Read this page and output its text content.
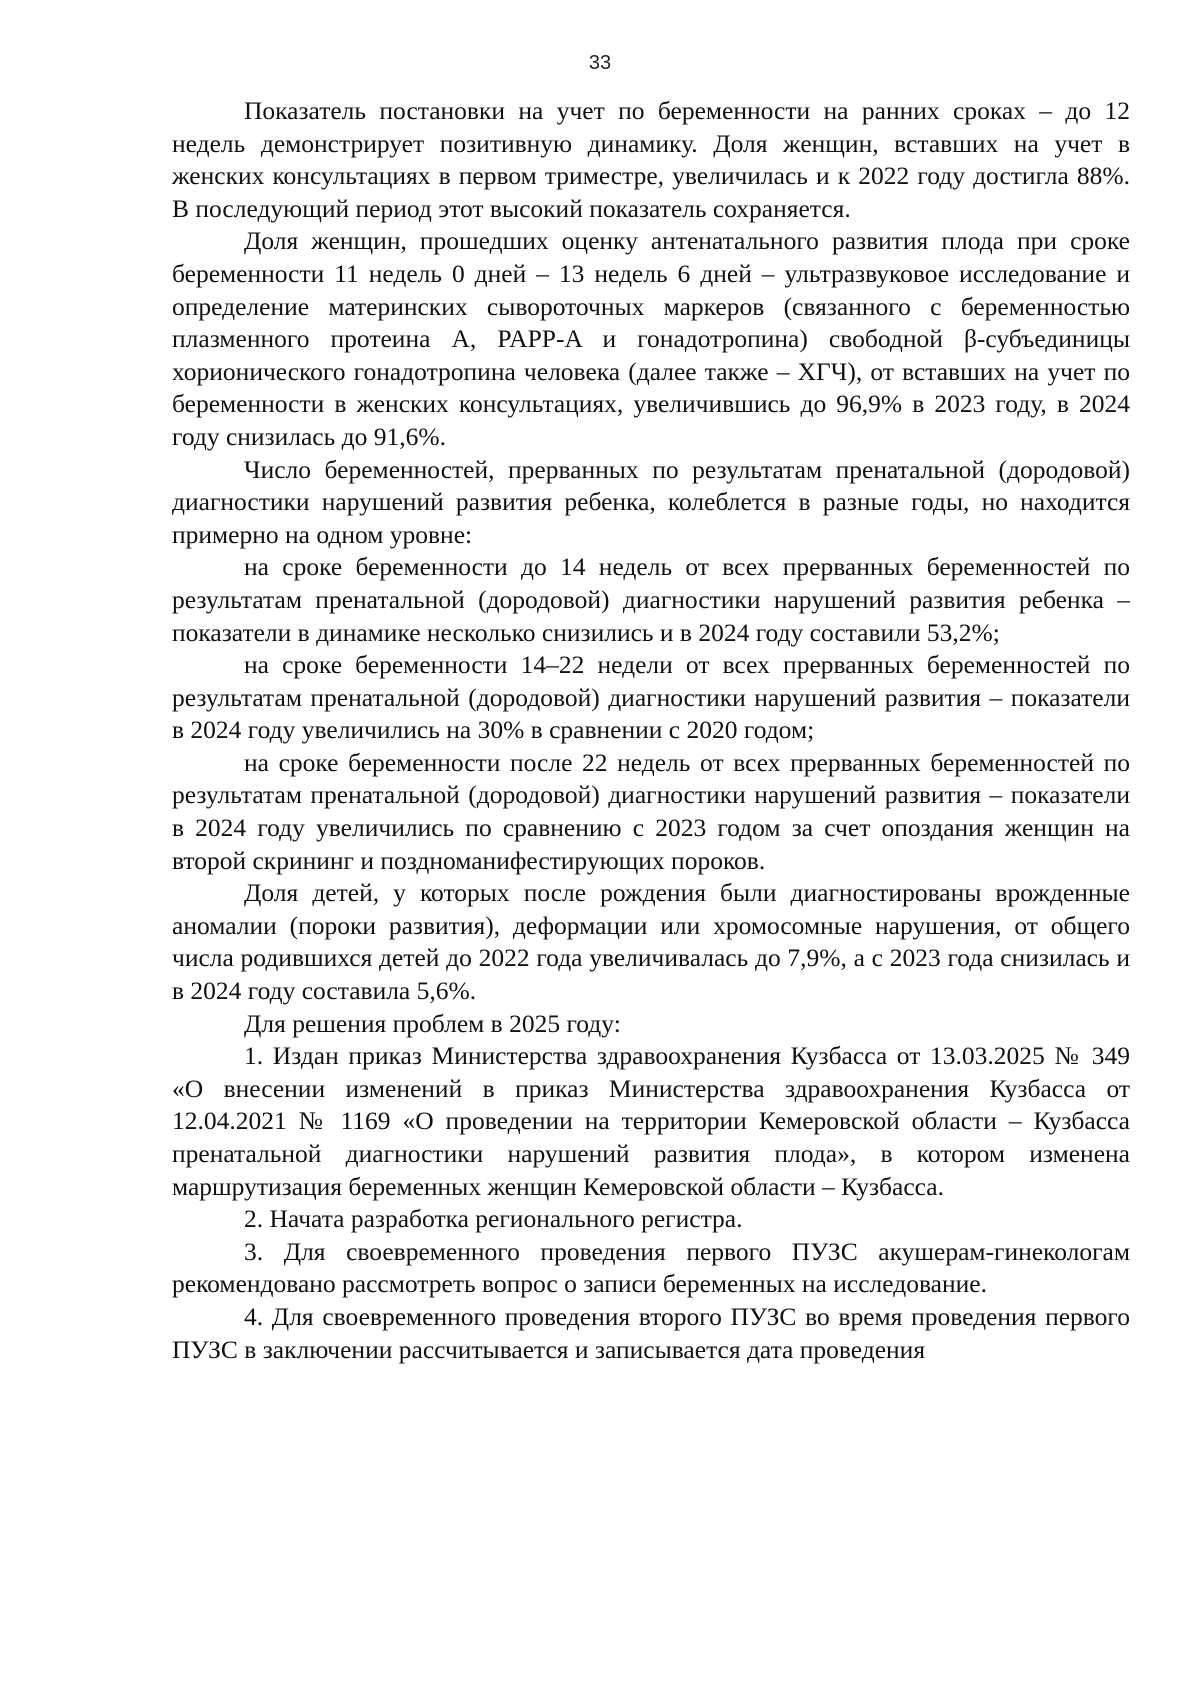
33

Показатель постановки на учет по беременности на ранних сроках – до 12 недель демонстрирует позитивную динамику. Доля женщин, вставших на учет в женских консультациях в первом триместре, увеличилась и к 2022 году достигла 88%. В последующий период этот высокий показатель сохраняется.

Доля женщин, прошедших оценку антенатального развития плода при сроке беременности 11 недель 0 дней – 13 недель 6 дней – ультразвуковое исследование и определение материнских сывороточных маркеров (связанного с беременностью плазменного протеина А, PAPP-A и гонадотропина) свободной β-субъединицы хорионического гонадотропина человека (далее также – ХГЧ), от вставших на учет по беременности в женских консультациях, увеличившись до 96,9% в 2023 году, в 2024 году снизилась до 91,6%.

Число беременностей, прерванных по результатам пренатальной (дородовой) диагностики нарушений развития ребенка, колеблется в разные годы, но находится примерно на одном уровне:

на сроке беременности до 14 недель от всех прерванных беременностей по результатам пренатальной (дородовой) диагностики нарушений развития ребенка – показатели в динамике несколько снизились и в 2024 году составили 53,2%;

на сроке беременности 14–22 недели от всех прерванных беременностей по результатам пренатальной (дородовой) диагностики нарушений развития – показатели в 2024 году увеличились на 30% в сравнении с 2020 годом;

на сроке беременности после 22 недель от всех прерванных беременностей по результатам пренатальной (дородовой) диагностики нарушений развития – показатели в 2024 году увеличились по сравнению с 2023 годом за счет опоздания женщин на второй скрининг и поздноманифестирующих пороков.

Доля детей, у которых после рождения были диагностированы врожденные аномалии (пороки развития), деформации или хромосомные нарушения, от общего числа родившихся детей до 2022 года увеличивалась до 7,9%, а с 2023 года снизилась и в 2024 году составила 5,6%.

Для решения проблем в 2025 году:

1. Издан приказ Министерства здравоохранения Кузбасса от 13.03.2025 № 349 «О внесении изменений в приказ Министерства здравоохранения Кузбасса от 12.04.2021 № 1169 «О проведении на территории Кемеровской области – Кузбасса пренатальной диагностики нарушений развития плода», в котором изменена маршрутизация беременных женщин Кемеровской области – Кузбасса.

2. Начата разработка регионального регистра.

3. Для своевременного проведения первого ПУЗС акушерам-гинекологам рекомендовано рассмотреть вопрос о записи беременных на исследование.

4. Для своевременного проведения второго ПУЗС во время проведения первого ПУЗС в заключении рассчитывается и записывается дата проведения
